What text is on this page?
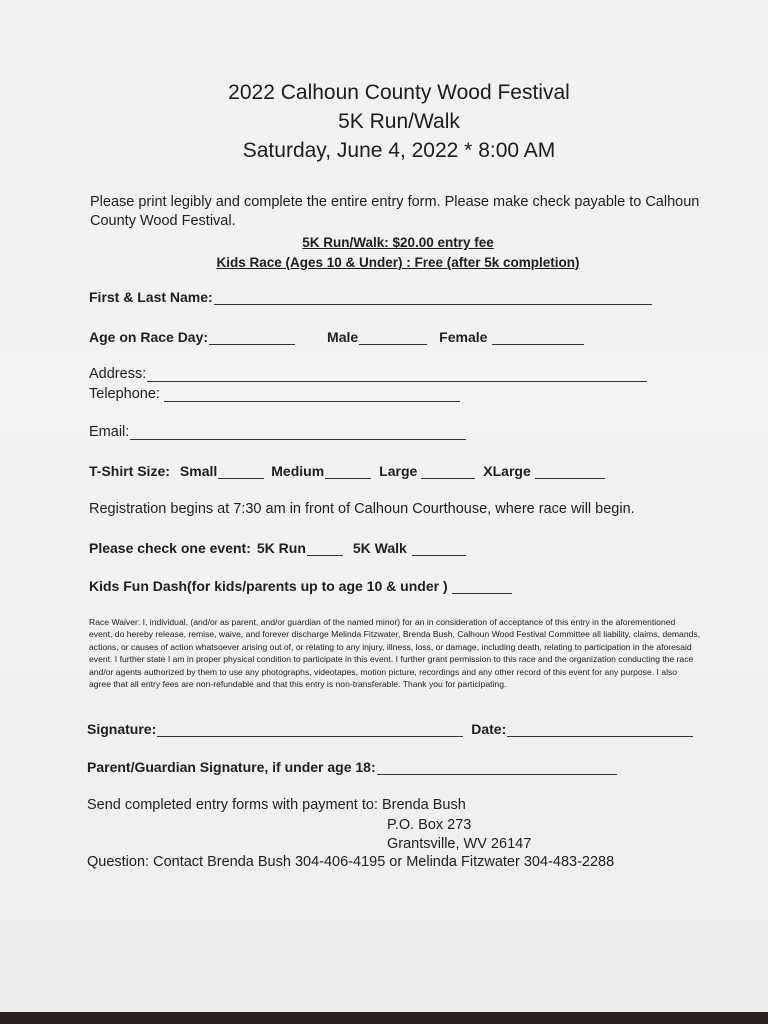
2022 Calhoun County Wood Festival
5K Run/Walk
Saturday, June 4, 2022 * 8:00 AM
Please print legibly and complete the entire entry form. Please make check payable to Calhoun County Wood Festival.
5K Run/Walk: $20.00 entry fee
Kids Race (Ages 10 & Under) : Free (after 5k completion)
First & Last Name:
Age on Race Day:	Male	Female
Address:
Telephone:
Email:
T-Shirt Size: Small	Medium	Large	XLarge
Registration begins at 7:30 am in front of Calhoun Courthouse, where race will begin.
Please check one event: 5K Run	5K Walk
Kids Fun Dash(for kids/parents up to age 10 & under )
Race Waiver: I, individual, (and/or as parent, and/or guardian of the named minor) for an in consideration of acceptance of this entry in the aforementioned event, do hereby release, remise, waive, and forever discharge Melinda Fitzwater, Brenda Bush, Calhoun Wood Festival Committee all liability, claims, demands, actions, or causes of action whatsoever arising out of, or relating to any injury, illness, loss, or damage, including death, relating to participation in the aforesaid event. I further state I am in proper physical condition to participate in this event. I further grant permission to this race and the organization conducting the race and/or agents authorized by them to use any photographs, videotapes, motion picture, recordings and any other record of this event for any purpose. I also agree that all entry fees are non-refundable and that this entry is non-transferable. Thank you for participating.
Signature:	Date:
Parent/Guardian Signature, if under age 18:
Send completed entry forms with payment to: Brenda Bush
P.O. Box 273
Grantsville, WV 26147
Question: Contact Brenda Bush 304-406-4195 or Melinda Fitzwater 304-483-2288
